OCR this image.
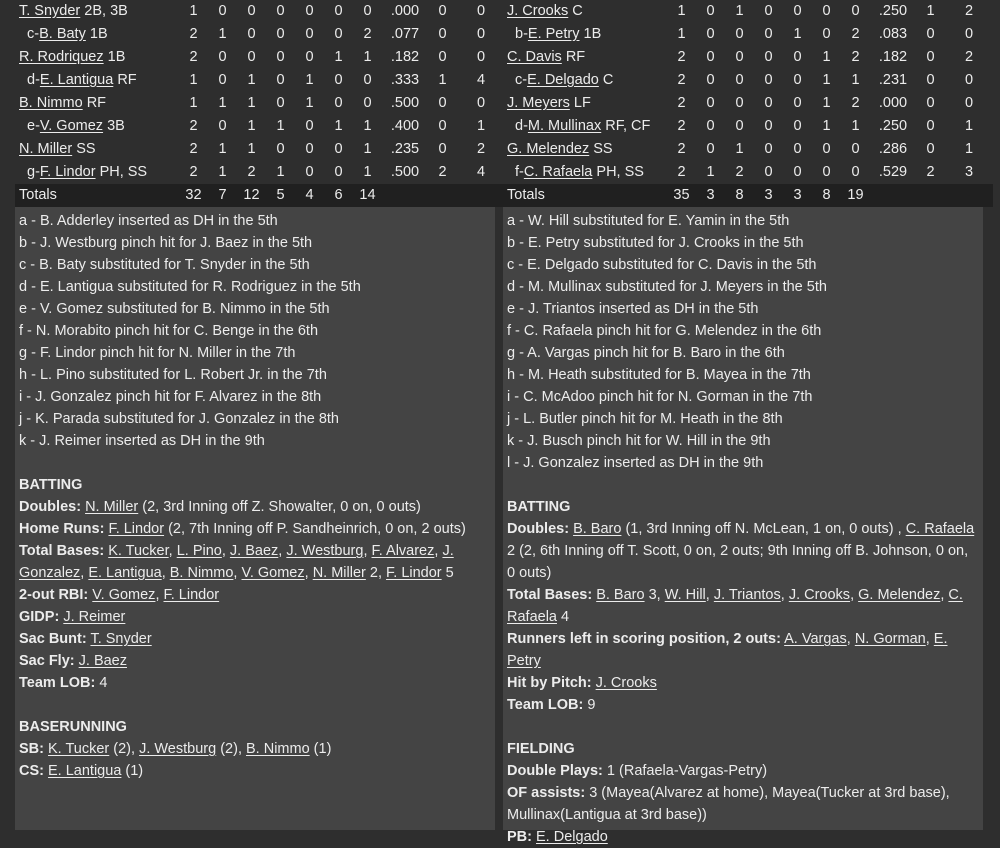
T. Snyder 2B, 3B	1	0	0	0	0	0	0	.000	0	0
c-B. Baty 1B	2	1	0	0	0	0	2	.077	0	0
R. Rodriquez 1B	2	0	0	0	0	1	1	.182	0	0
d-E. Lantigua RF	1	0	1	0	1	0	0	.333	1	4
B. Nimmo RF	1	1	1	0	1	0	0	.500	0	0
e-V. Gomez 3B	2	0	1	1	0	1	1	.400	0	1
N. Miller SS	2	1	1	0	0	0	1	.235	0	2
g-F. Lindor PH, SS	2	1	2	1	0	0	1	.500	2	4
Totals	32	7	12	5	4	6	14			
a - B. Adderley inserted as DH in the 5th
b - J. Westburg pinch hit for J. Baez in the 5th
c - B. Baty substituted for T. Snyder in the 5th
d - E. Lantigua substituted for R. Rodriguez in the 5th
e - V. Gomez substituted for B. Nimmo in the 5th
f - N. Morabito pinch hit for C. Benge in the 6th
g - F. Lindor pinch hit for N. Miller in the 7th
h - L. Pino substituted for L. Robert Jr. in the 7th
i - J. Gonzalez pinch hit for F. Alvarez in the 8th
j - K. Parada substituted for J. Gonzalez in the 8th
k - J. Reimer inserted as DH in the 9th
BATTING
Doubles: N. Miller (2, 3rd Inning off Z. Showalter, 0 on, 0 outs)
Home Runs: F. Lindor (2, 7th Inning off P. Sandheinrich, 0 on, 2 outs)
Total Bases: K. Tucker, L. Pino, J. Baez, J. Westburg, F. Alvarez, J. Gonzalez, E. Lantigua, B. Nimmo, V. Gomez, N. Miller 2, F. Lindor 5
2-out RBI: V. Gomez, F. Lindor
GIDP: J. Reimer
Sac Bunt: T. Snyder
Sac Fly: J. Baez
Team LOB: 4
BASERUNNING
SB: K. Tucker (2), J. Westburg (2), B. Nimmo (1)
CS: E. Lantigua (1)
J. Crooks C	1	0	1	0	0	0	0	.250	1	2
b-E. Petry 1B	1	0	0	0	1	0	2	.083	0	0
C. Davis RF	2	0	0	0	0	1	2	.182	0	2
c-E. Delgado C	2	0	0	0	0	1	1	.231	0	0
J. Meyers LF	2	0	0	0	0	1	2	.000	0	0
d-M. Mullinax RF, CF	2	0	0	0	0	1	1	.250	0	1
G. Melendez SS	2	0	1	0	0	0	0	.286	0	1
f-C. Rafaela PH, SS	2	1	2	0	0	0	0	.529	2	3
Totals	35	3	8	3	3	8	19			
a - W. Hill substituted for E. Yamin in the 5th
b - E. Petry substituted for J. Crooks in the 5th
c - E. Delgado substituted for C. Davis in the 5th
d - M. Mullinax substituted for J. Meyers in the 5th
e - J. Triantos inserted as DH in the 5th
f - C. Rafaela pinch hit for G. Melendez in the 6th
g - A. Vargas pinch hit for B. Baro in the 6th
h - M. Heath substituted for B. Mayea in the 7th
i - C. McAdoo pinch hit for N. Gorman in the 7th
j - L. Butler pinch hit for M. Heath in the 8th
k - J. Busch pinch hit for W. Hill in the 9th
l - J. Gonzalez inserted as DH in the 9th
BATTING
Doubles: B. Baro (1, 3rd Inning off N. McLean, 1 on, 0 outs) , C. Rafaela 2 (2, 6th Inning off T. Scott, 0 on, 2 outs; 9th Inning off B. Johnson, 0 on, 0 outs)
Total Bases: B. Baro 3, W. Hill, J. Triantos, J. Crooks, G. Melendez, C. Rafaela 4
Runners left in scoring position, 2 outs: A. Vargas, N. Gorman, E. Petry
Hit by Pitch: J. Crooks
Team LOB: 9
FIELDING
Double Plays: 1 (Rafaela-Vargas-Petry)
OF assists: 3 (Mayea(Alvarez at home), Mayea(Tucker at 3rd base), Mullinax(Lantigua at 3rd base))
PB: E. Delgado
